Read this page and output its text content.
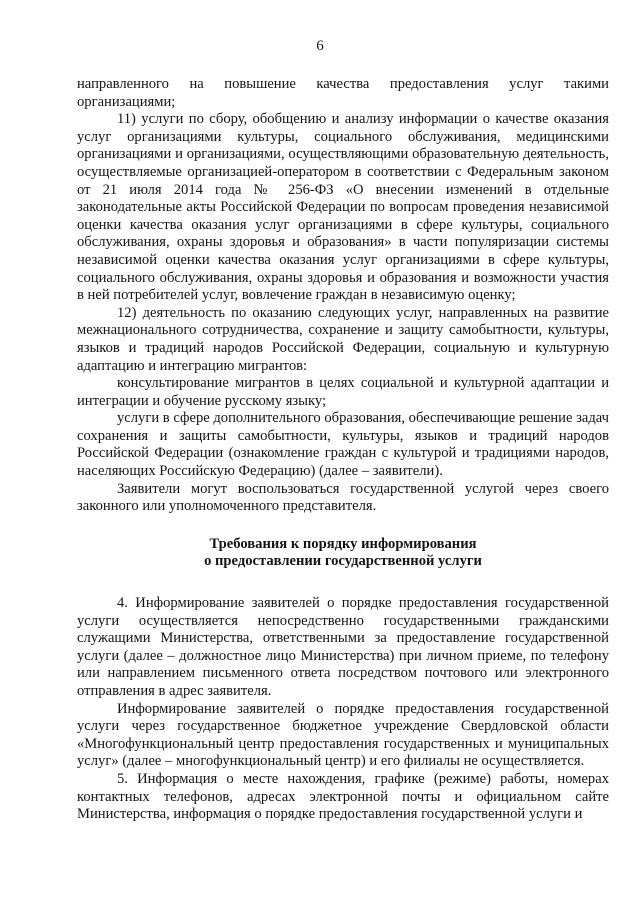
6

направленного на повышение качества предоставления услуг такими организациями;

11) услуги по сбору, обобщению и анализу информации о качестве оказания услуг организациями культуры, социального обслуживания, медицинскими организациями и организациями, осуществляющими образовательную деятельность, осуществляемые организацией-оператором в соответствии с Федеральным законом от 21 июля 2014 года № 256-ФЗ «О внесении изменений в отдельные законодательные акты Российской Федерации по вопросам проведения независимой оценки качества оказания услуг организациями в сфере культуры, социального обслуживания, охраны здоровья и образования» в части популяризации системы независимой оценки качества оказания услуг организациями в сфере культуры, социального обслуживания, охраны здоровья и образования и возможности участия в ней потребителей услуг, вовлечение граждан в независимую оценку;

12) деятельность по оказанию следующих услуг, направленных на развитие межнационального сотрудничества, сохранение и защиту самобытности, культуры, языков и традиций народов Российской Федерации, социальную и культурную адаптацию и интеграцию мигрантов:

консультирование мигрантов в целях социальной и культурной адаптации и интеграции и обучение русскому языку;

услуги в сфере дополнительного образования, обеспечивающие решение задач сохранения и защиты самобытности, культуры, языков и традиций народов Российской Федерации (ознакомление граждан с культурой и традициями народов, населяющих Российскую Федерацию) (далее – заявители).

Заявители могут воспользоваться государственной услугой через своего законного или уполномоченного представителя.

Требования к порядку информирования
о предоставлении государственной услуги

4. Информирование заявителей о порядке предоставления государственной услуги осуществляется непосредственно государственными гражданскими служащими Министерства, ответственными за предоставление государственной услуги (далее – должностное лицо Министерства) при личном приеме, по телефону или направлением письменного ответа посредством почтового или электронного отправления в адрес заявителя.

Информирование заявителей о порядке предоставления государственной услуги через государственное бюджетное учреждение Свердловской области «Многофункциональный центр предоставления государственных и муниципальных услуг» (далее – многофункциональный центр) и его филиалы не осуществляется.

5. Информация о месте нахождения, графике (режиме) работы, номерах контактных телефонов, адресах электронной почты и официальном сайте Министерства, информация о порядке предоставления государственной услуги и
